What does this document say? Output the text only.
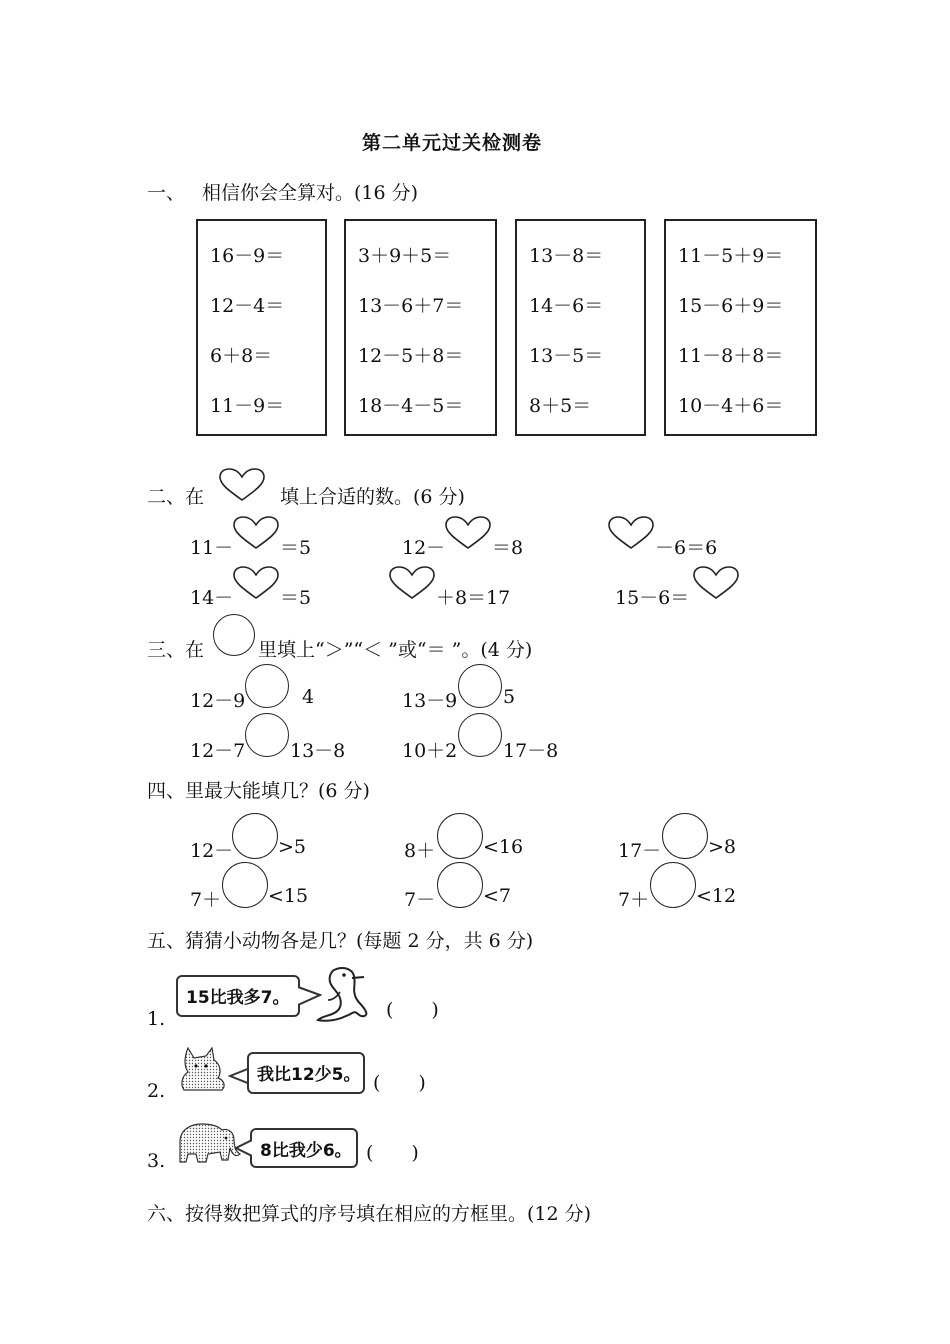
第二单元过关检测卷
一、 相信你会全算对。(16 分)
16－9＝
12－4＝
6＋8＝
11－9＝
3＋9＋5＝
13－6＋7＝
12－5＋8＝
18－4－5＝
13－8＝
14－6＝
13－5＝
8＋5＝
11－5＋9＝
15－6＋9＝
11－8＋8＝
10－4＋6＝
二、在	填上合适的数。(6 分)
11－ ＝5	12－ ＝8	－6＝6
14－ ＝5	＋8＝17	15－6＝
三、在	里填上“＞”“＜ ”或“＝ ”。(4 分)
12－9	4	13－9 5
12－7 13－8	10＋2 17－8
四、里最大能填几？(6 分)
12－ >5	8＋	<16	17－ >8
7＋ <15	7－	<7	7＋ <12
五、猜猜小动物各是几？(每题 2 分，共 6 分)
1.
15比我多7。
(　　)
2.
我比12少5。 (　　)
3.	8比我少6。 (　　)
六、按得数把算式的序号填在相应的方框里。(12 分)
